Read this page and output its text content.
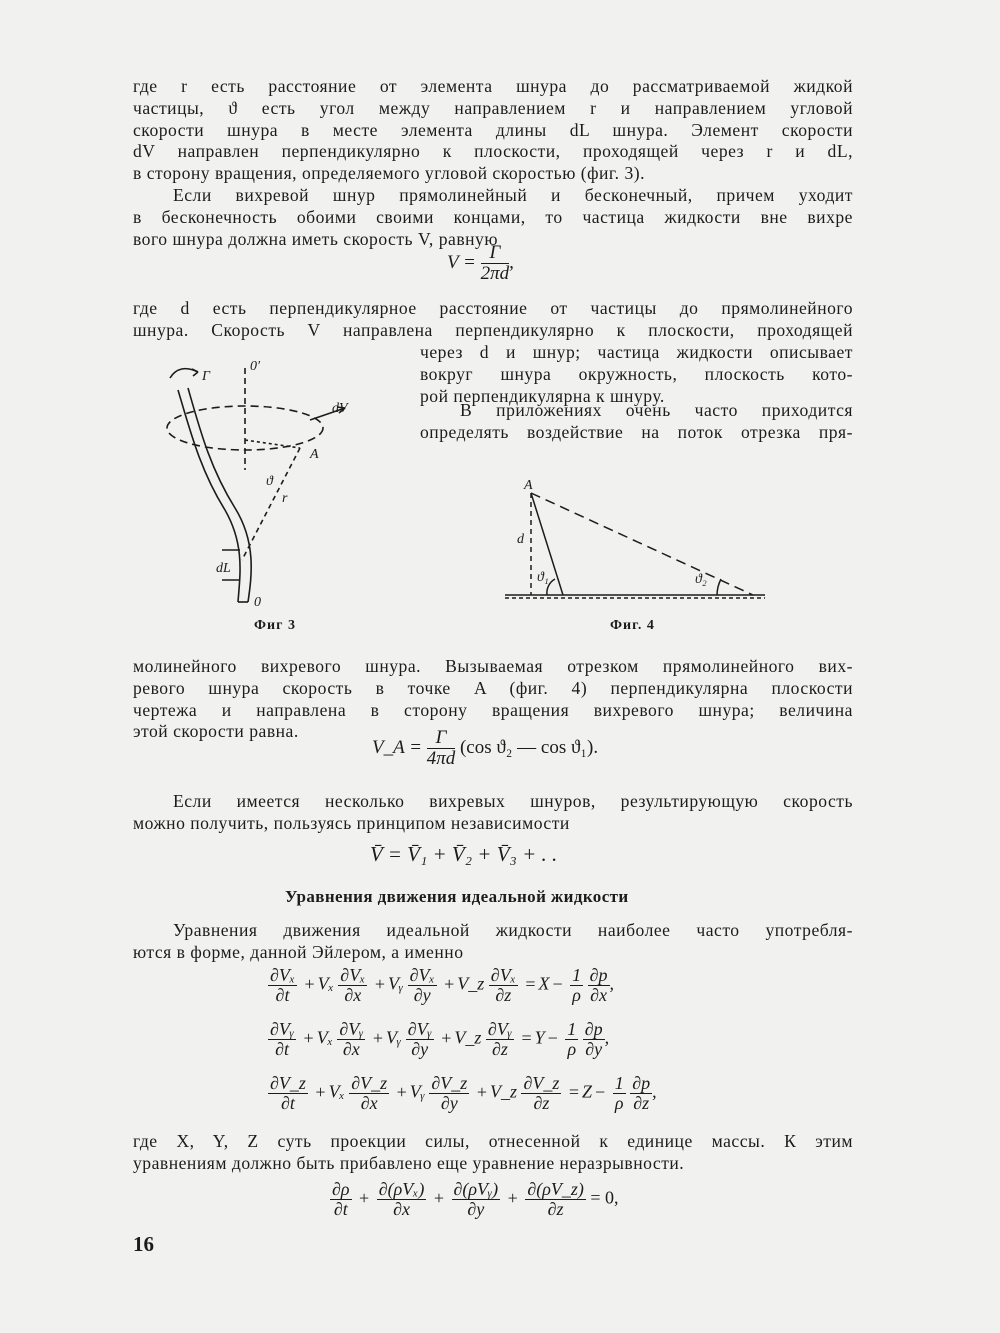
где r есть расстояние от элемента шнура до рассматриваемой жидкой
частицы, ϑ есть угол между направлением r и направлением угловой
скорости шнура в месте элемента длины dL шнура. Элемент скорости
dV направлен перпендикулярно к плоскости, проходящей через r и dL,
в сторону вращения, определяемого угловой скоростью (фиг. 3).
Если вихревой шнур прямолинейный и бесконечный, причем уходит
в бесконечность обоими своими концами, то частица жидкости вне вихре
вого шнура должна иметь скорость V, равную
$V = \frac{\Gamma}{2\pi d}$ ,
где d есть перпендикулярное расстояние от частицы до прямолинейного
шнура. Скорость V направлена перпендикулярно к плоскости, проходящей
через d и шнур; частица жидкости описывает
вокруг шнура окружность, плоскость кото-
рой перпендикулярна к шнуру.
В приложениях очень часто приходится
определять воздействие на поток отрезка пря-
Γ
0′
dV
A
ϑ
r
dL
0
Фиг 3
A
d
ϑ₁	ϑ₂
Фиг. 4
молинейного вихревого шнура. Вызываемая отрезком прямолинейного вих-
ревого шнура скорость в точке A (фиг. 4) перпендикулярна плоскости
чертежа и направлена в сторону вращения вихревого шнура; величина
этой скорости равна.
V_A = $\frac{\Gamma}{4\pi d} (\cos$ ϑ₂ — cos ϑ₁).
Если имеется несколько вихревых шнуров, результирующую скорость
можно получить, пользуясь принципом независимости
V̄ = V̄₁ + V̄₂ + V̄₃ + . .
Уравнения движения идеальной жидкости
Уравнения движения идеальной жидкости наиболее часто употребля-
ются в форме, данной Эйлером, а именно
$\frac{\text{∂Vₓ}}{\partial t} + V_x \frac{\text{∂Vₓ}}{\partial x}$ + Vᵧ $\frac{\text{∂Vₓ}}{\partial y}$ + V_z $\frac{\text{∂Vₓ}}{\partial z} = X - \frac{1}{\rho}$
$\frac{\partial p}{\partial x}$ ,
$\frac{\text{∂Vᵧ}}{\partial t} + V_x \frac{\text{∂Vᵧ}}{\partial x}$ + Vᵧ $\frac{\text{∂Vᵧ}}{\partial y}$ + V_z $\frac{\text{∂Vᵧ}}{\partial z} = Y - \frac{1}{\rho}$
$\frac{\partial p}{\partial y}$ ,
$\frac{\partial V\_z}{\partial t} + V_x \frac{\partial V\_z}{\partial x}$ + Vᵧ $\frac{\partial V\_z}{\partial y}$ + V_z $\frac{\partial V\_z}{\partial z} = Z - \frac{1}{\rho}$
$\frac{\partial p}{\partial z}$ ,
где X, Y, Z суть проекции силы, отнесенной к единице массы. К этим
уравнениям должно быть прибавлено еще уравнение неразрывности.
$\frac{\partial\rho}{\partial t} + \frac{\text{∂(ρVₓ)}}{\partial x} + \frac{\text{∂(ρVᵧ)}}{\partial y} + \frac{\partial(\rho V\_z)}{\partial z} = 0$,
16
